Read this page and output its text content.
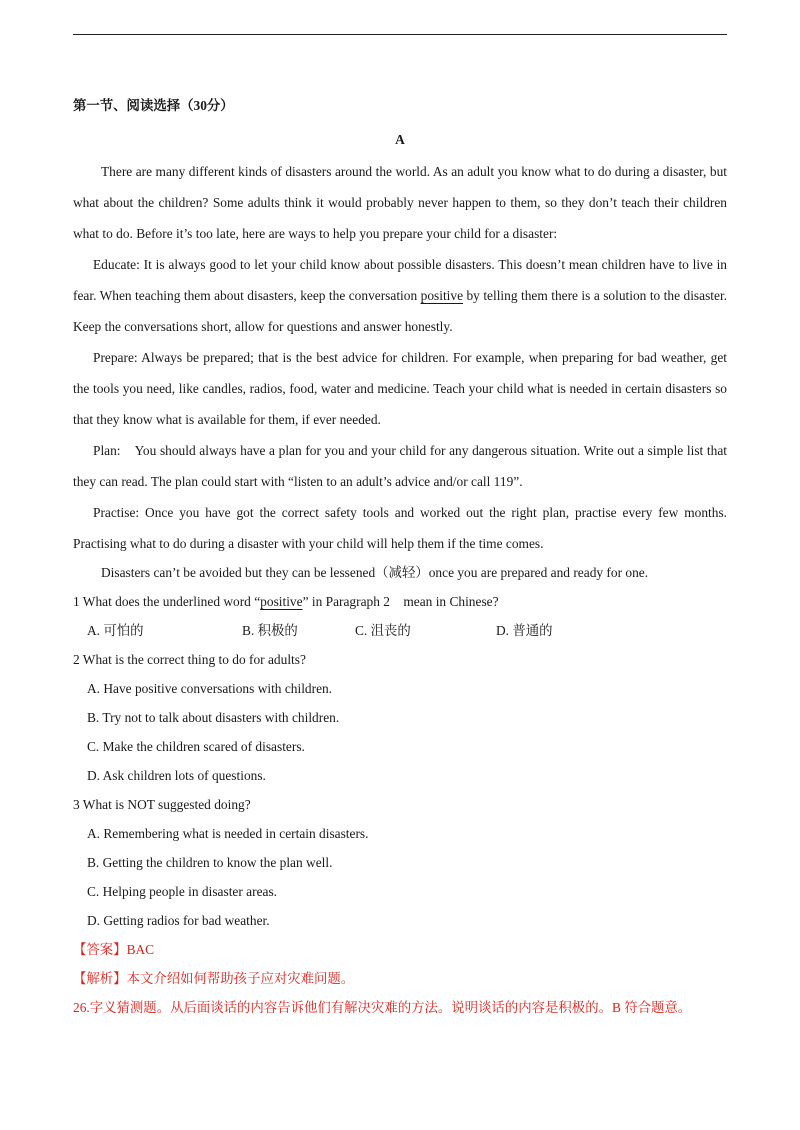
第一节、阅读选择（30分）

A

There are many different kinds of disasters around the world. As an adult you know what to do during a disaster, but what about the children? Some adults think it would probably never happen to them, so they don’t teach their children what to do. Before it’s too late, here are ways to help you prepare your child for a disaster:

Educate: It is always good to let your child know about possible disasters. This doesn’t mean children have to live in fear. When teaching them about disasters, keep the conversation positive by telling them there is a solution to the disaster. Keep the conversations short, allow for questions and answer honestly.

Prepare: Always be prepared; that is the best advice for children. For example, when preparing for bad weather, get the tools you need, like candles, radios, food, water and medicine. Teach your child what is needed in certain disasters so that they know what is available for them, if ever needed.

Plan:    You should always have a plan for you and your child for any dangerous situation. Write out a simple list that they can read. The plan could start with “listen to an adult’s advice and/or call 119”.

Practise: Once you have got the correct safety tools and worked out the right plan, practise every few months. Practising what to do during a disaster with your child will help them if the time comes.

Disasters can’t be avoided but they can be lessened（减轻）once you are prepared and ready for one.

1 What does the underlined word “positive” in Paragraph 2    mean in Chinese?

A. 可怕的	B. 积极的	C. 沮丧的	D. 普通的

2 What is the correct thing to do for adults?

A. Have positive conversations with children.

B. Try not to talk about disasters with children.

C. Make the children scared of disasters.

D. Ask children lots of questions.

3 What is NOT suggested doing?

A. Remembering what is needed in certain disasters.

B. Getting the children to know the plan well.

C. Helping people in disaster areas.

D. Getting radios for bad weather.

【答案】BAC

【解析】本文介绍如何帮助孩子应对灾难问题。

26.字义猜测题。从后面谈话的内容告诉他们有解决灾难的方法。说明谈话的内容是积极的。B 符合题意。
